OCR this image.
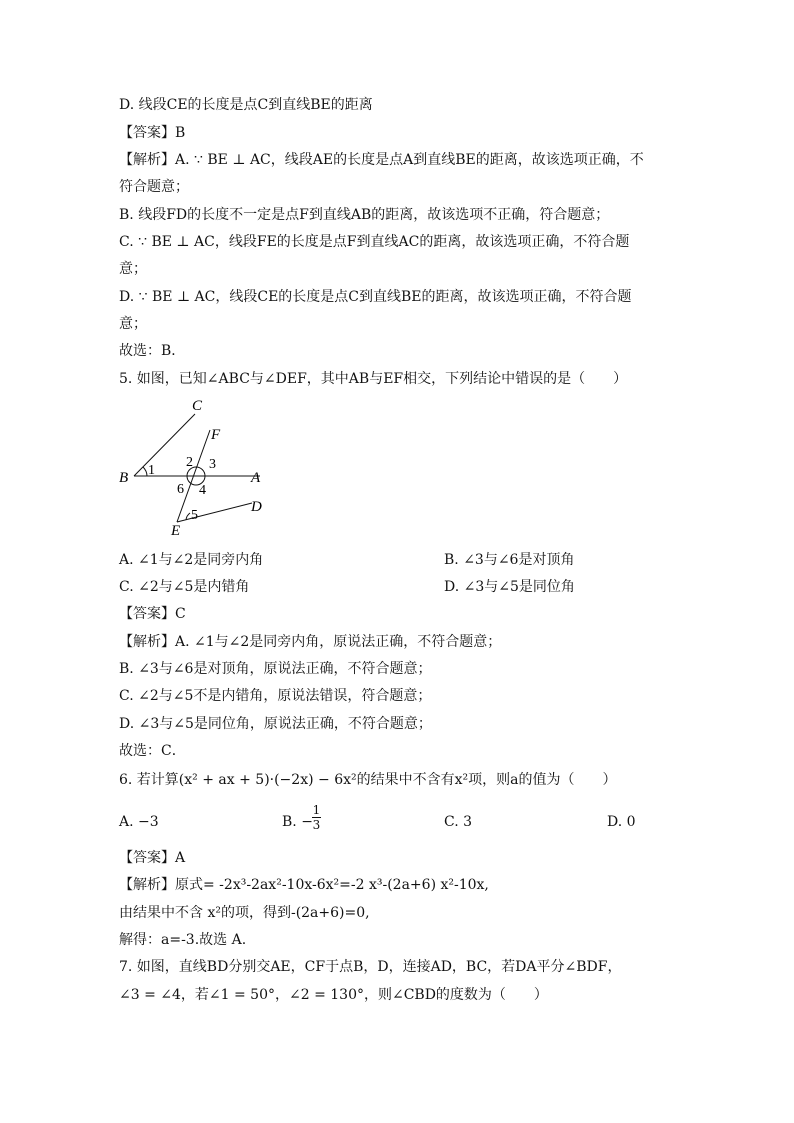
D. 线段CE的长度是点C到直线BE的距离
【答案】B
【解析】A. ∵ BE ⊥ AC，线段AE的长度是点A到直线BE的距离，故该选项正确，不
符合题意；
B. 线段FD的长度不一定是点F到直线AB的距离，故该选项不正确，符合题意；
C. ∵ BE ⊥ AC，线段FE的长度是点F到直线AC的距离，故该选项正确，不符合题
意；
D. ∵ BE ⊥ AC，线段CE的长度是点C到直线BE的距离，故该选项正确，不符合题
意；
故选：B．
5. 如图，已知∠ABC与∠DEF，其中AB与EF相交，下列结论中错误的是（　　）
C
F
B	A
E
D
1
2 3
4
5
6
A. ∠1与∠2是同旁内角	B. ∠3与∠6是对顶角
C. ∠2与∠5是内错角	D. ∠3与∠5是同位角
【答案】C
【解析】A. ∠1与∠2是同旁内角，原说法正确，不符合题意；
B. ∠3与∠6是对顶角，原说法正确，不符合题意；
C. ∠2与∠5不是内错角，原说法错误，符合题意；
D. ∠3与∠5是同位角，原说法正确，不符合题意；
故选：C．
6. 若计算(x² + ax + 5)·(−2x) − 6x²的结果中不含有x²项，则a的值为（　　）
A. −3	B. −
1
3	C. 3	D. 0
【答案】A
【解析】原式= -2x³-2ax²-10x-6x²=-2 x³-(2a+6) x²-10x,
由结果中不含 x²的项，得到-(2a+6)=0,
解得：a=-3.故选 A.
7. 如图，直线BD分别交AE，CF于点B，D，连接AD，BC，若DA平分∠BDF，
∠3 = ∠4，若∠1 = 50°，∠2 = 130°，则∠CBD的度数为（　　）
